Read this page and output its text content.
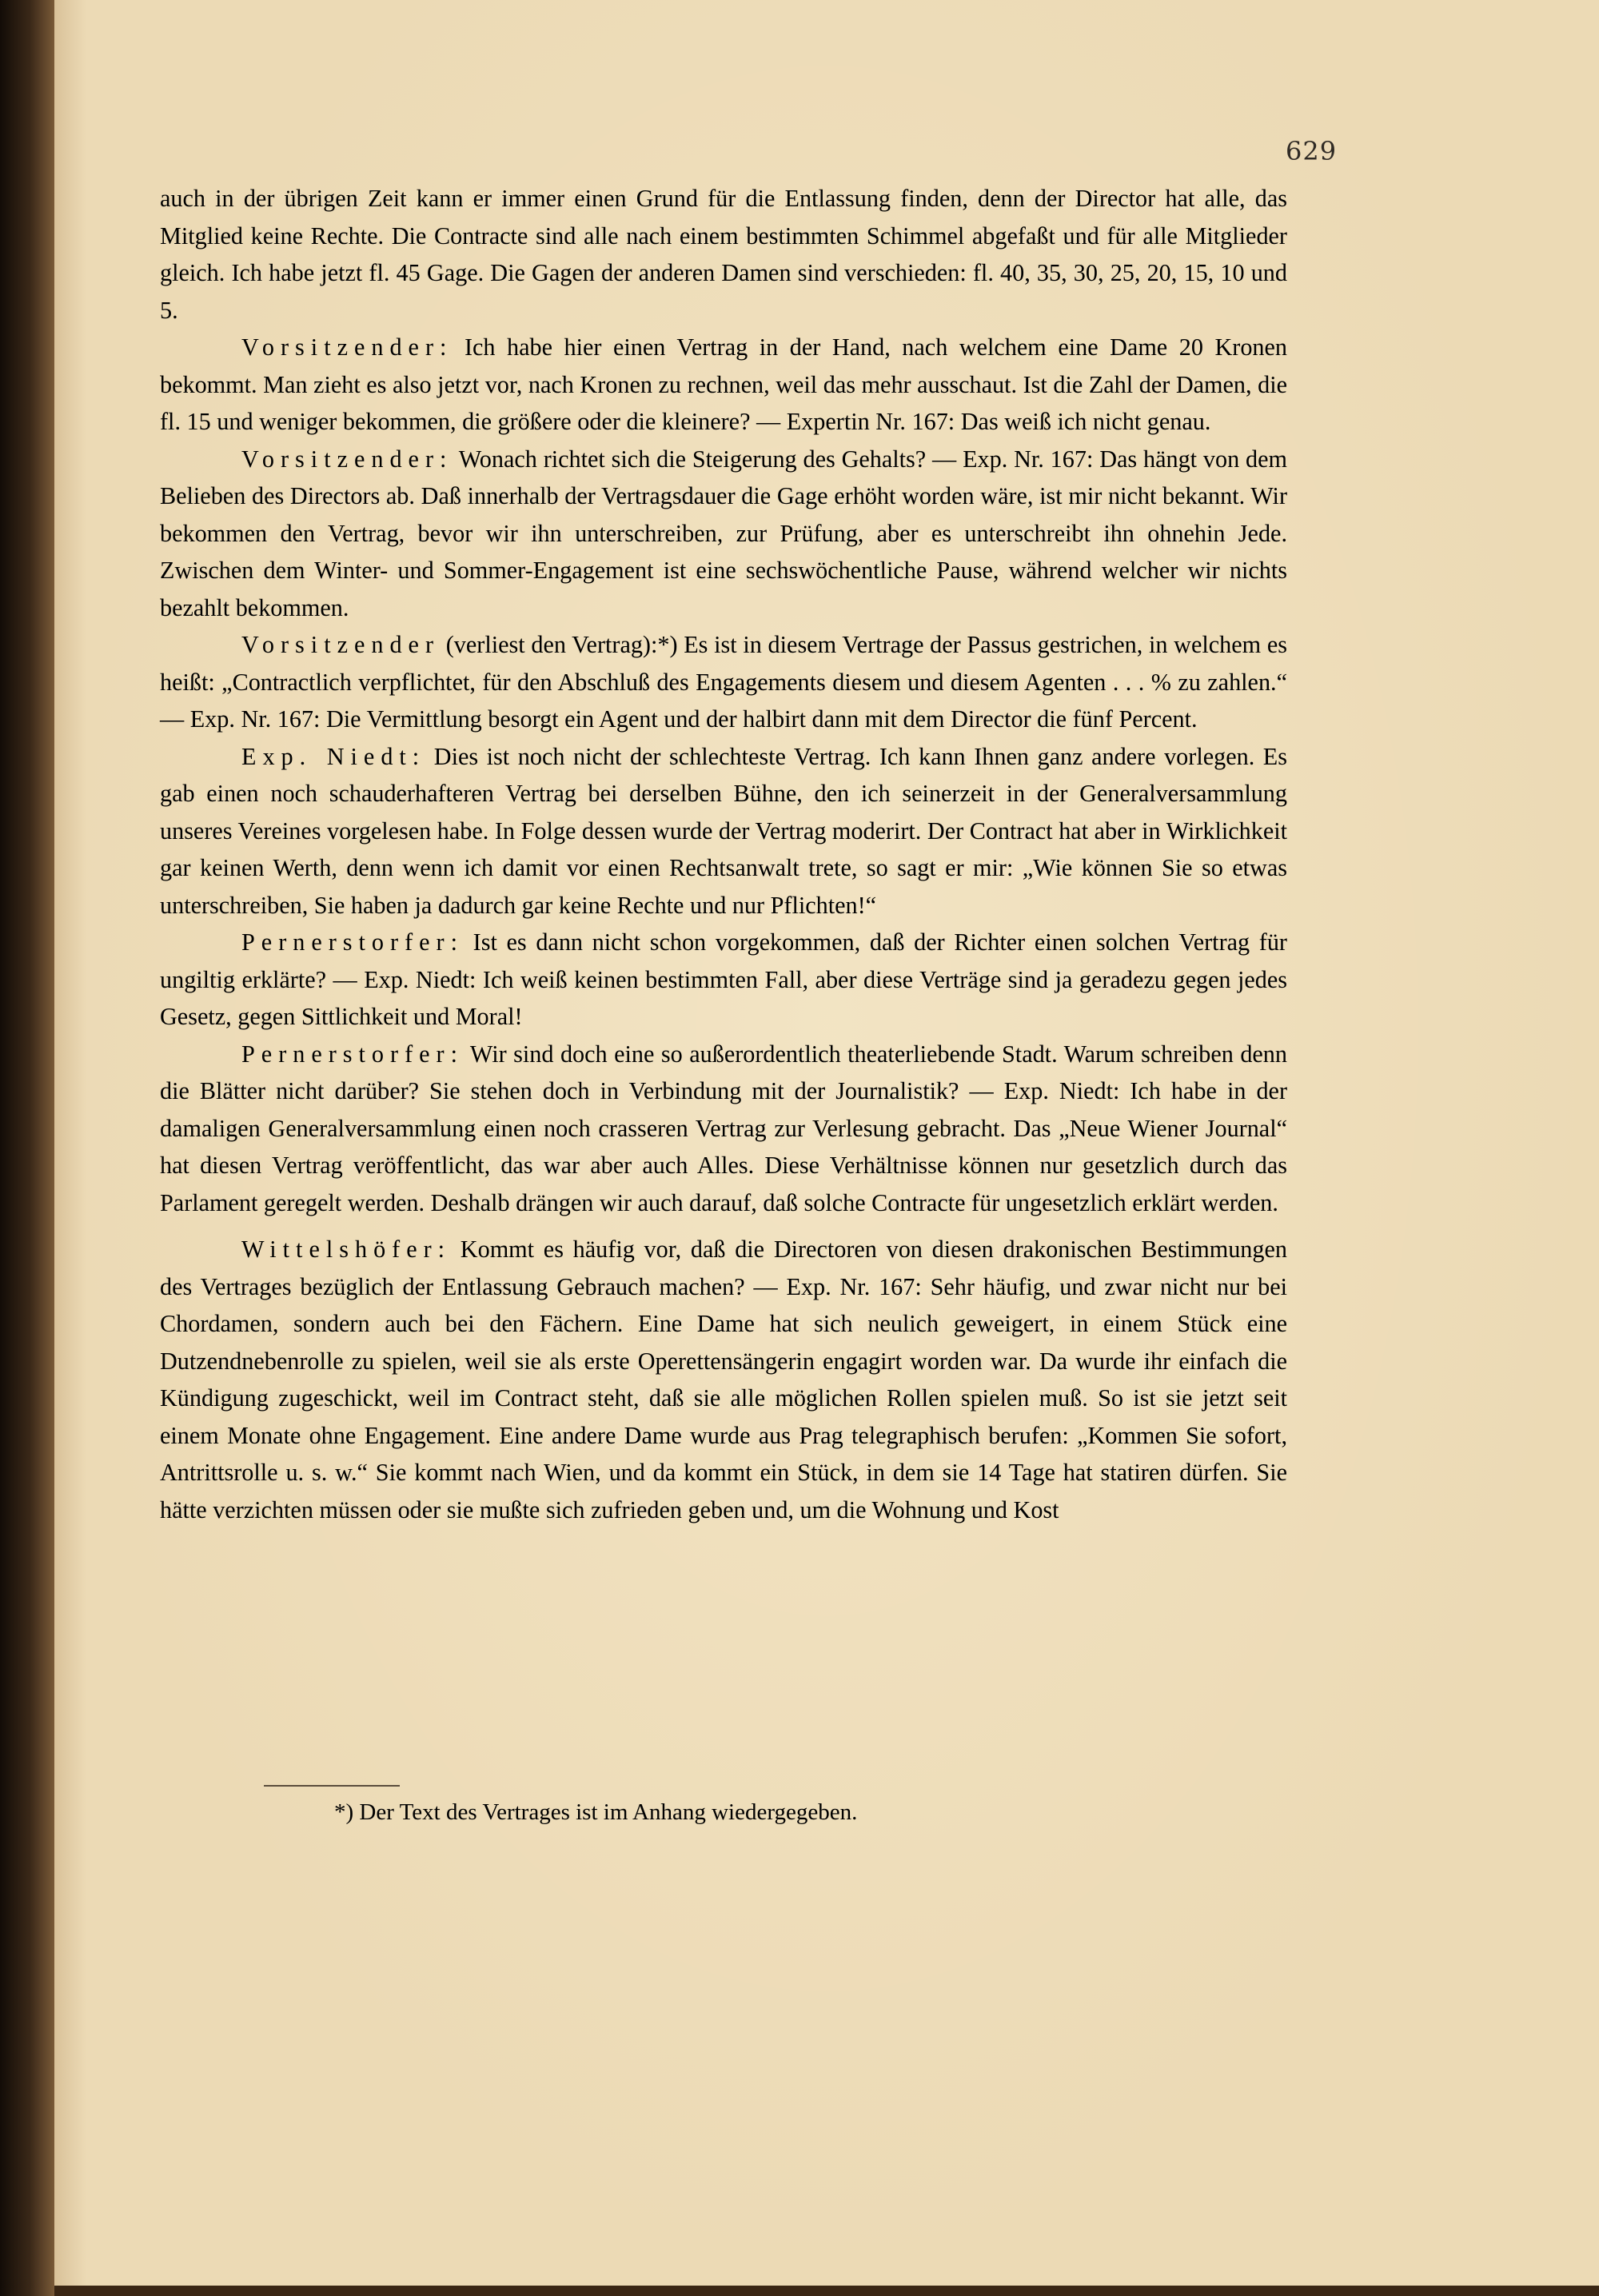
629

auch in der übrigen Zeit kann er immer einen Grund für die Entlassung finden, denn der Director hat alle, das Mitglied keine Rechte. Die Contracte sind alle nach einem bestimmten Schimmel abgefaßt und für alle Mitglieder gleich. Ich habe jetzt fl. 45 Gage. Die Gagen der anderen Damen sind verschieden: fl. 40, 35, 30, 25, 20, 15, 10 und 5.

Vorsitzender: Ich habe hier einen Vertrag in der Hand, nach welchem eine Dame 20 Kronen bekommt. Man zieht es also jetzt vor, nach Kronen zu rechnen, weil das mehr ausschaut. Ist die Zahl der Damen, die fl. 15 und weniger bekommen, die größere oder die kleinere? — Expertin Nr. 167: Das weiß ich nicht genau.

Vorsitzender: Wonach richtet sich die Steigerung des Gehalts? — Exp. Nr. 167: Das hängt von dem Belieben des Directors ab. Daß innerhalb der Vertragsdauer die Gage erhöht worden wäre, ist mir nicht bekannt. Wir bekommen den Vertrag, bevor wir ihn unterschreiben, zur Prüfung, aber es unterschreibt ihn ohnehin Jede. Zwischen dem Winter- und Sommer-Engagement ist eine sechswöchentliche Pause, während welcher wir nichts bezahlt bekommen.

Vorsitzender (verliest den Vertrag):*) Es ist in diesem Vertrage der Passus gestrichen, in welchem es heißt: „Contractlich verpflichtet, für den Abschluß des Engagements diesem und diesem Agenten . . . % zu zahlen.“ — Exp. Nr. 167: Die Vermittlung besorgt ein Agent und der halbirt dann mit dem Director die fünf Percent.

Exp. Niedt: Dies ist noch nicht der schlechteste Vertrag. Ich kann Ihnen ganz andere vorlegen. Es gab einen noch schauderhafteren Vertrag bei derselben Bühne, den ich seinerzeit in der Generalversammlung unseres Vereines vorgelesen habe. In Folge dessen wurde der Vertrag moderirt. Der Contract hat aber in Wirklichkeit gar keinen Werth, denn wenn ich damit vor einen Rechtsanwalt trete, so sagt er mir: „Wie können Sie so etwas unterschreiben, Sie haben ja dadurch gar keine Rechte und nur Pflichten!“

Pernerstorfer: Ist es dann nicht schon vorgekommen, daß der Richter einen solchen Vertrag für ungiltig erklärte? — Exp. Niedt: Ich weiß keinen bestimmten Fall, aber diese Verträge sind ja geradezu gegen jedes Gesetz, gegen Sittlichkeit und Moral!

Pernerstorfer: Wir sind doch eine so außerordentlich theaterliebende Stadt. Warum schreiben denn die Blätter nicht darüber? Sie stehen doch in Verbindung mit der Journalistik? — Exp. Niedt: Ich habe in der damaligen Generalversammlung einen noch crasseren Vertrag zur Verlesung gebracht. Das „Neue Wiener Journal“ hat diesen Vertrag veröffentlicht, das war aber auch Alles. Diese Verhältnisse können nur gesetzlich durch das Parlament geregelt werden. Deshalb drängen wir auch darauf, daß solche Contracte für ungesetzlich erklärt werden.

Wittelshöfer: Kommt es häufig vor, daß die Directoren von diesen drakonischen Bestimmungen des Vertrages bezüglich der Entlassung Gebrauch machen? — Exp. Nr. 167: Sehr häufig, und zwar nicht nur bei Chordamen, sondern auch bei den Fächern. Eine Dame hat sich neulich geweigert, in einem Stück eine Dutzendnebenrolle zu spielen, weil sie als erste Operettensängerin engagirt worden war. Da wurde ihr einfach die Kündigung zugeschickt, weil im Contract steht, daß sie alle möglichen Rollen spielen muß. So ist sie jetzt seit einem Monate ohne Engagement. Eine andere Dame wurde aus Prag telegraphisch berufen: „Kommen Sie sofort, Antrittsrolle u. s. w.“ Sie kommt nach Wien, und da kommt ein Stück, in dem sie 14 Tage hat statiren dürfen. Sie hätte verzichten müssen oder sie mußte sich zufrieden geben und, um die Wohnung und Kost

*) Der Text des Vertrages ist im Anhang wiedergegeben.
